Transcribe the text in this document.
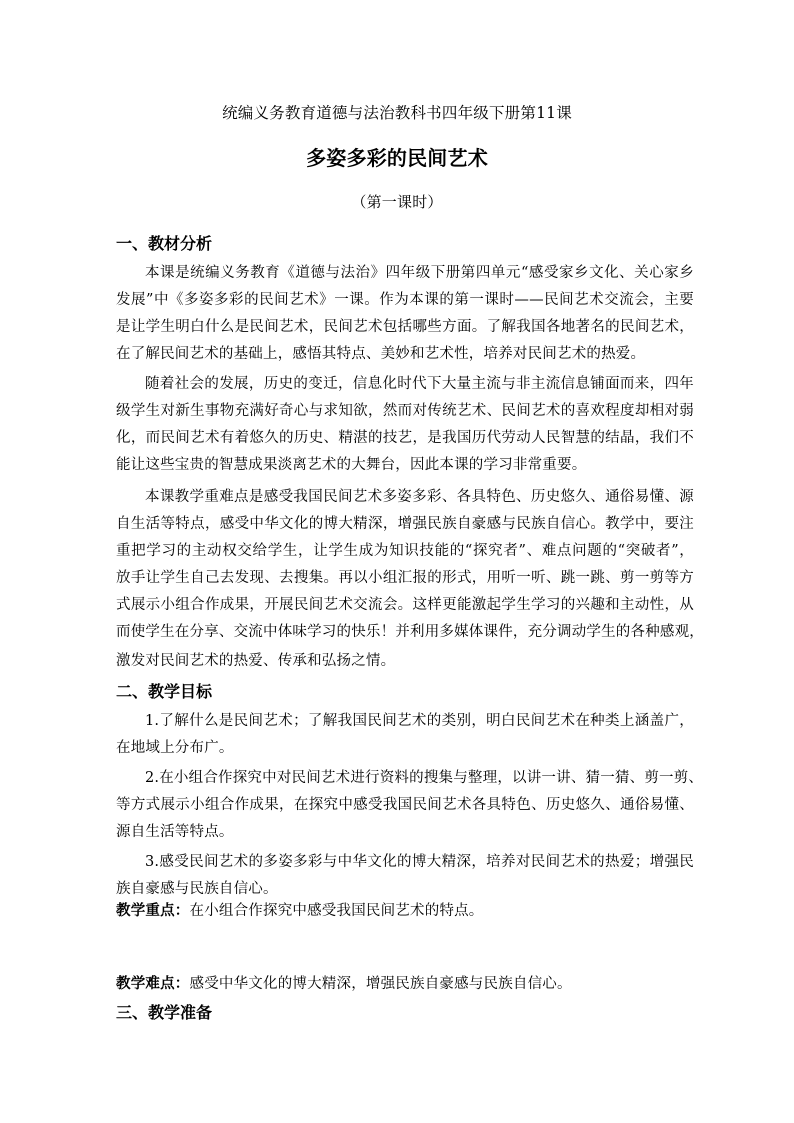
统编义务教育道德与法治教科书四年级下册第11课
多姿多彩的民间艺术
（第一课时）
一、教材分析
本课是统编义务教育《道德与法治》四年级下册第四单元“感受家乡文化、关心家乡
发展”中《多姿多彩的民间艺术》一课。作为本课的第一课时——民间艺术交流会，主要
是让学生明白什么是民间艺术，民间艺术包括哪些方面。了解我国各地著名的民间艺术，
在了解民间艺术的基础上，感悟其特点、美妙和艺术性，培养对民间艺术的热爱。
随着社会的发展，历史的变迁，信息化时代下大量主流与非主流信息铺面而来，四年
级学生对新生事物充满好奇心与求知欲，然而对传统艺术、民间艺术的喜欢程度却相对弱
化，而民间艺术有着悠久的历史、精湛的技艺，是我国历代劳动人民智慧的结晶，我们不
能让这些宝贵的智慧成果淡离艺术的大舞台，因此本课的学习非常重要。
本课教学重难点是感受我国民间艺术多姿多彩、各具特色、历史悠久、通俗易懂、源
自生活等特点，感受中华文化的博大精深，增强民族自豪感与民族自信心。教学中，要注
重把学习的主动权交给学生，让学生成为知识技能的“探究者”、难点问题的“突破者”，
放手让学生自己去发现、去搜集。再以小组汇报的形式，用听一听、跳一跳、剪一剪等方
式展示小组合作成果，开展民间艺术交流会。这样更能激起学生学习的兴趣和主动性，从
而使学生在分享、交流中体味学习的快乐！并利用多媒体课件，充分调动学生的各种感观，
激发对民间艺术的热爱、传承和弘扬之情。
二、教学目标
1.了解什么是民间艺术；了解我国民间艺术的类别，明白民间艺术在种类上涵盖广，
在地域上分布广。
2.在小组合作探究中对民间艺术进行资料的搜集与整理，以讲一讲、猜一猜、剪一剪、
等方式展示小组合作成果，在探究中感受我国民间艺术各具特色、历史悠久、通俗易懂、
源自生活等特点。
3.感受民间艺术的多姿多彩与中华文化的博大精深，培养对民间艺术的热爱；增强民
族自豪感与民族自信心。
教学重点：在小组合作探究中感受我国民间艺术的特点。
教学难点：感受中华文化的博大精深，增强民族自豪感与民族自信心。
三、教学准备
